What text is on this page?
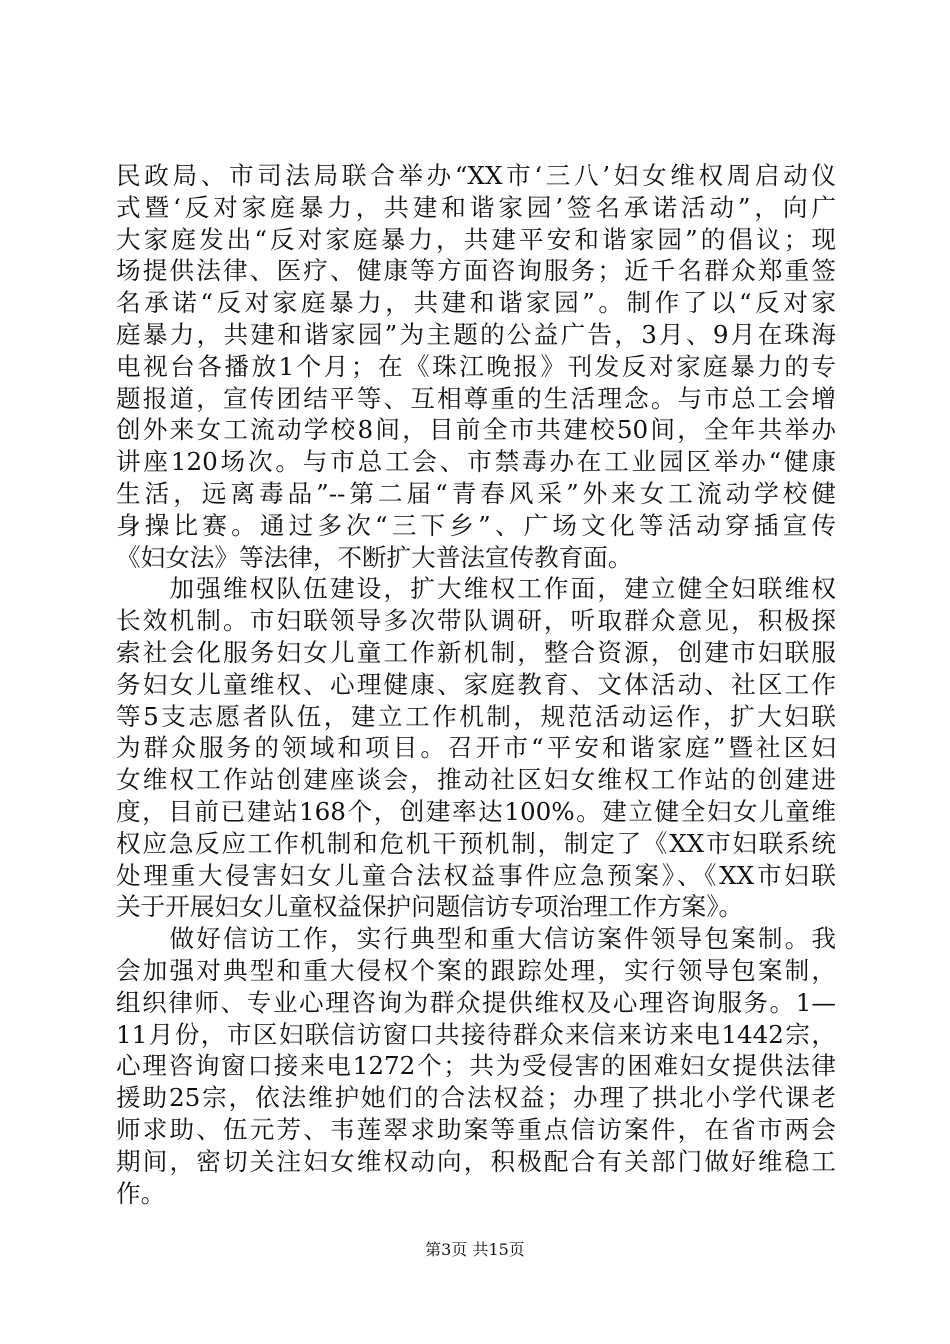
民政局、市司法局联合举办“XX市‘三八’妇女维权周启动仪
式暨‘反对家庭暴力，共建和谐家园’签名承诺活动”，向广
大家庭发出“反对家庭暴力，共建平安和谐家园”的倡议；现
场提供法律、医疗、健康等方面咨询服务；近千名群众郑重签
名承诺“反对家庭暴力，共建和谐家园”。制作了以“反对家
庭暴力，共建和谐家园”为主题的公益广告，3月、9月在珠海
电视台各播放1个月；在《珠江晚报》刊发反对家庭暴力的专
题报道，宣传团结平等、互相尊重的生活理念。与市总工会增
创外来女工流动学校8间，目前全市共建校50间，全年共举办
讲座120场次。与市总工会、市禁毒办在工业园区举办“健康
生活，远离毒品”--第二届“青春风采”外来女工流动学校健
身操比赛。通过多次“三下乡”、广场文化等活动穿插宣传
《妇女法》等法律，不断扩大普法宣传教育面。
　　加强维权队伍建设，扩大维权工作面，建立健全妇联维权
长效机制。市妇联领导多次带队调研，听取群众意见，积极探
索社会化服务妇女儿童工作新机制，整合资源，创建市妇联服
务妇女儿童维权、心理健康、家庭教育、文体活动、社区工作
等5支志愿者队伍，建立工作机制，规范活动运作，扩大妇联
为群众服务的领域和项目。召开市“平安和谐家庭”暨社区妇
女维权工作站创建座谈会，推动社区妇女维权工作站的创建进
度，目前已建站168个，创建率达100%。建立健全妇女儿童维
权应急反应工作机制和危机干预机制，制定了《XX市妇联系统
处理重大侵害妇女儿童合法权益事件应急预案》、《XX市妇联
关于开展妇女儿童权益保护问题信访专项治理工作方案》。
　　做好信访工作，实行典型和重大信访案件领导包案制。我
会加强对典型和重大侵权个案的跟踪处理，实行领导包案制，
组织律师、专业心理咨询为群众提供维权及心理咨询服务。1—
11月份，市区妇联信访窗口共接待群众来信来访来电1442宗，
心理咨询窗口接来电1272个；共为受侵害的困难妇女提供法律
援助25宗，依法维护她们的合法权益；办理了拱北小学代课老
师求助、伍元芳、韦莲翠求助案等重点信访案件，在省市两会
期间，密切关注妇女维权动向，积极配合有关部门做好维稳工
作。
第3页 共15页
